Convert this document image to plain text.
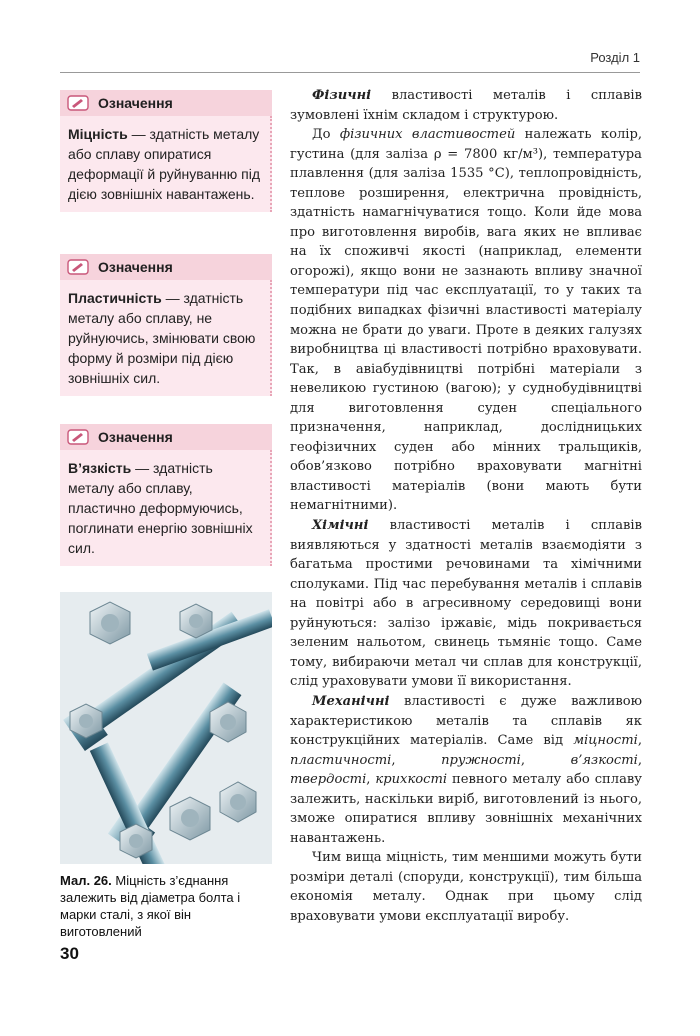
Розділ 1
Означення
Міцність — здатність металу або сплаву опиратися деформації й руйнуванню під дією зовнішніх навантажень.
Означення
Пластичність — здатність металу або сплаву, не руйнуючись, змінювати свою форму й розміри під дією зовнішніх сил.
Означення
В’язкість — здатність металу або сплаву, пластично деформуючись, поглинати енергію зовнішніх сил.
Мал. 26. Міцність з’єднання залежить від діаметра болта і марки сталі, з якої він виготовлений
30

Фізичні властивості металів і сплавів зумовлені їхнім складом і структурою.

До фізичних властивостей належать колір, густина (для заліза ρ = 7800 кг/м³), температура плавлення (для заліза 1535 °С), теплопровідність, теплове розширення, електрична провідність, здатність намагнічуватися тощо. Коли йде мова про виготовлення виробів, вага яких не впливає на їх споживчі якості (наприклад, елементи огорожі), якщо вони не зазнають впливу значної температури під час експлуатації, то у таких та подібних випадках фізичні властивості матеріалу можна не брати до уваги. Проте в деяких галузях виробництва ці властивості потрібно враховувати. Так, в авіабудівництві потрібні матеріали з невеликою густиною (вагою); у суднобудівництві для виготовлення суден спеціального призначення, наприклад, дослідницьких геофізичних суден або мінних тральщиків, обов’язково потрібно враховувати магнітні властивості матеріалів (вони мають бути немагнітними).

Хімічні властивості металів і сплавів виявляються у здатності металів взаємодіяти з багатьма простими речовинами та хімічними сполуками. Під час перебування металів і сплавів на повітрі або в агресивному середовищі вони руйнуються: залізо іржавіє, мідь покривається зеленим нальотом, свинець тьмяніє тощо. Саме тому, вибираючи метал чи сплав для конструкції, слід ураховувати умови її використання.

Механічні властивості є дуже важливою характеристикою металів та сплавів як конструкційних матеріалів. Саме від міцності, пластичності, пружності, в’язкості, твердості, крихкості певного металу або сплаву залежить, наскільки виріб, виготовлений із нього, зможе опиратися впливу зовнішніх механічних навантажень.

Чим вища міцність, тим меншими можуть бути розміри деталі (споруди, конструкції), тим більша економія металу. Однак при цьому слід враховувати умови експлуатації виробу.
